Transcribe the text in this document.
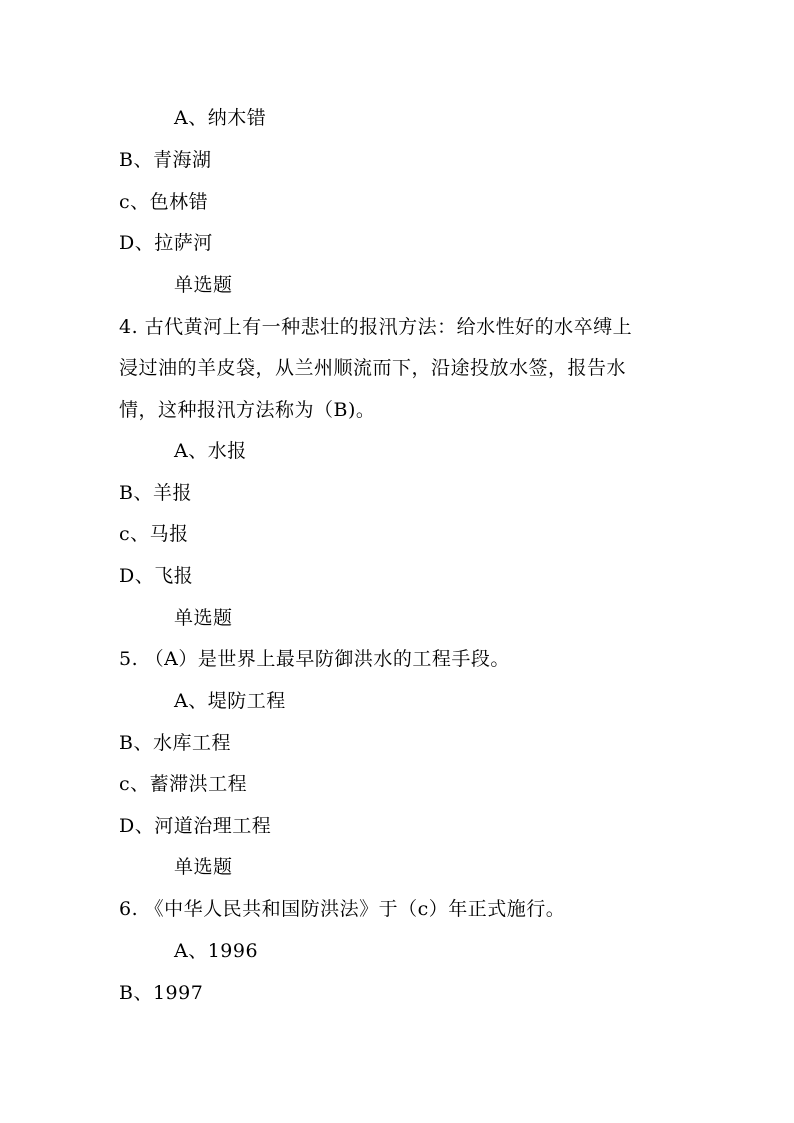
A、纳木错
B、青海湖
c、色林错
D、拉萨河
单选题
4. 古代黄河上有一种悲壮的报汛方法：给水性好的水卒缚上
浸过油的羊皮袋，从兰州顺流而下，沿途投放水签，报告水
情，这种报汛方法称为（B)。
A、水报
B、羊报
c、马报
D、飞报
单选题
5. （A）是世界上最早防御洪水的工程手段。
A、堤防工程
B、水库工程
c、蓄滞洪工程
D、河道治理工程
单选题
6. 《中华人民共和国防洪法》于（c）年正式施行。
A、1996
B、1997
